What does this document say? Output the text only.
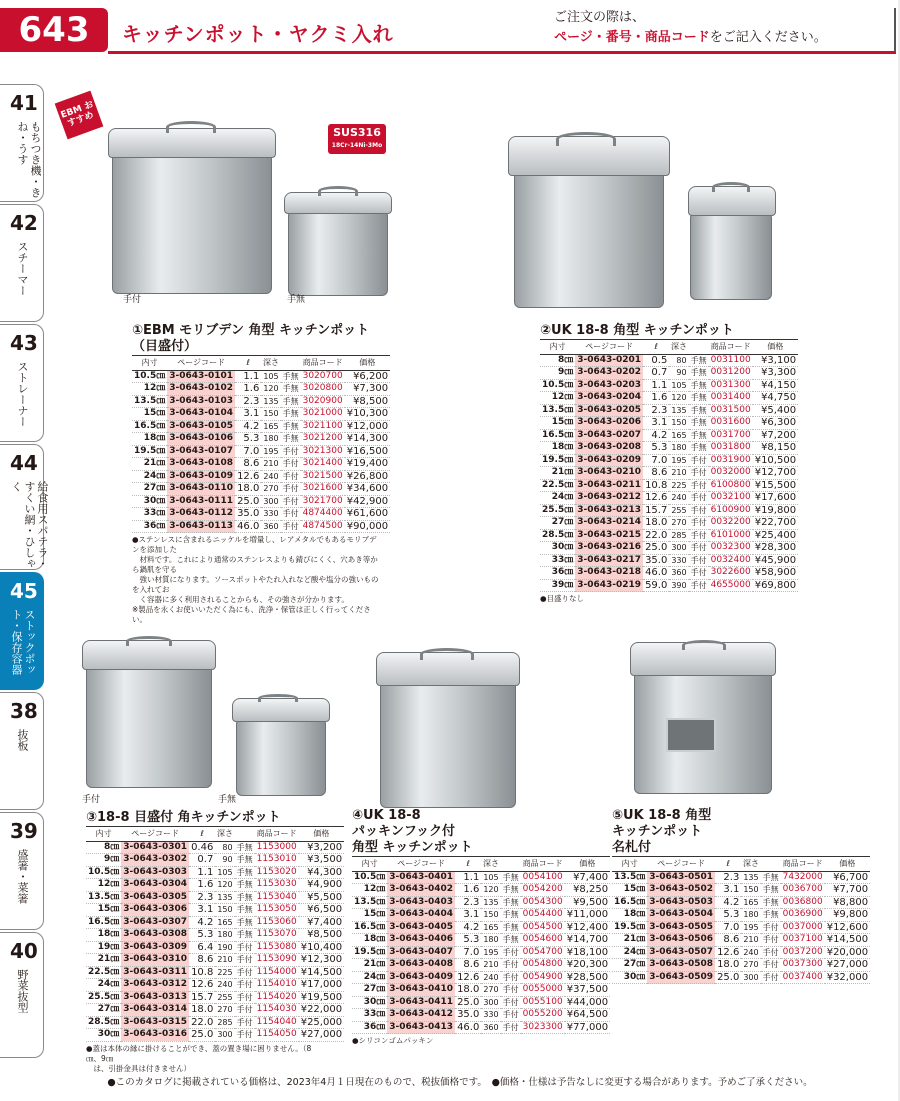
643	キッチンポット・ヤクミ入れ
ご注文の際は、
ページ・番号・商品コードをご記入ください。
41
もちつき機・きね・うす
42
スチーマー
43
ストレーナー
44
給食用スパテラ・すくい網・ひしゃく
45
ストックポット・保存容器
38
抜板
39
盛箸・菜箸
40
野菜抜型
EBM おすすめ
SUS316
18Cr-14Ni-3Mo
手付	手無
手付	手無
①EBM モリブデン 角型 キッチンポット
（目盛付）
内寸	ページコード	ℓ	深さ		商品コード	価格
10.5㎝	3-0643-0101	1.1	105	手無	3020700	¥6,200
12㎝	3-0643-0102	1.6	120	手無	3020800	¥7,300
13.5㎝	3-0643-0103	2.3	135	手無	3020900	¥8,500
15㎝	3-0643-0104	3.1	150	手無	3021000	¥10,300
16.5㎝	3-0643-0105	4.2	165	手無	3021100	¥12,000
18㎝	3-0643-0106	5.3	180	手無	3021200	¥14,300
19.5㎝	3-0643-0107	7.0	195	手付	3021300	¥16,500
21㎝	3-0643-0108	8.6	210	手付	3021400	¥19,400
24㎝	3-0643-0109	12.6	240	手付	3021500	¥26,800
27㎝	3-0643-0110	18.0	270	手付	3021600	¥34,600
30㎝	3-0643-0111	25.0	300	手付	3021700	¥42,900
33㎝	3-0643-0112	35.0	330	手付	4874400	¥61,600
36㎝	3-0643-0113	46.0	360	手付	4874500	¥90,000
●ステンレスに含まれるニッケルを増量し、レアメタルでもあるモリブデンを添加した
　材料です。これにより通常のステンレスよりも錆びにくく、穴あき等から鍋肌を守る
　強い材質になります。ソースポットやたれ入れなど酸や塩分の強いものを入れてお
　く容器に多く利用されることからも、その強さが分かります。
※製品を永くお使いいただく為にも、洗浄・保管は正しく行ってください。
②UK 18-8 角型 キッチンポット
内寸	ページコード	ℓ	深さ		商品コード	価格
8㎝	3-0643-0201	0.5	80	手無	0031100	¥3,100
9㎝	3-0643-0202	0.7	90	手無	0031200	¥3,300
10.5㎝	3-0643-0203	1.1	105	手無	0031300	¥4,150
12㎝	3-0643-0204	1.6	120	手無	0031400	¥4,750
13.5㎝	3-0643-0205	2.3	135	手無	0031500	¥5,400
15㎝	3-0643-0206	3.1	150	手無	0031600	¥6,300
16.5㎝	3-0643-0207	4.2	165	手無	0031700	¥7,200
18㎝	3-0643-0208	5.3	180	手無	0031800	¥8,150
19.5㎝	3-0643-0209	7.0	195	手付	0031900	¥10,500
21㎝	3-0643-0210	8.6	210	手付	0032000	¥12,700
22.5㎝	3-0643-0211	10.8	225	手付	6100800	¥15,500
24㎝	3-0643-0212	12.6	240	手付	0032100	¥17,600
25.5㎝	3-0643-0213	15.7	255	手付	6100900	¥19,800
27㎝	3-0643-0214	18.0	270	手付	0032200	¥22,700
28.5㎝	3-0643-0215	22.0	285	手付	6101000	¥25,400
30㎝	3-0643-0216	25.0	300	手付	0032300	¥28,300
33㎝	3-0643-0217	35.0	330	手付	0032400	¥45,900
36㎝	3-0643-0218	46.0	360	手付	3022600	¥58,900
39㎝	3-0643-0219	59.0	390	手付	4655000	¥69,800
●目盛りなし
③18-8 目盛付 角キッチンポット
内寸	ページコード	ℓ	深さ		商品コード	価格
8㎝	3-0643-0301	0.46	80	手無	1153000	¥3,200
9㎝	3-0643-0302	0.7	90	手無	1153010	¥3,500
10.5㎝	3-0643-0303	1.1	105	手無	1153020	¥4,300
12㎝	3-0643-0304	1.6	120	手無	1153030	¥4,900
13.5㎝	3-0643-0305	2.3	135	手無	1153040	¥5,500
15㎝	3-0643-0306	3.1	150	手無	1153050	¥6,500
16.5㎝	3-0643-0307	4.2	165	手無	1153060	¥7,400
18㎝	3-0643-0308	5.3	180	手無	1153070	¥8,500
19㎝	3-0643-0309	6.4	190	手付	1153080	¥10,400
21㎝	3-0643-0310	8.6	210	手付	1153090	¥12,300
22.5㎝	3-0643-0311	10.8	225	手付	1154000	¥14,500
24㎝	3-0643-0312	12.6	240	手付	1154010	¥17,000
25.5㎝	3-0643-0313	15.7	255	手付	1154020	¥19,500
27㎝	3-0643-0314	18.0	270	手付	1154030	¥22,000
28.5㎝	3-0643-0315	22.0	285	手付	1154040	¥25,000
30㎝	3-0643-0316	25.0	300	手付	1154050	¥27,000
●蓋は本体の縁に掛けることができ、蓋の置き場に困りません。（8㎝、9㎝
　は、引掛金具は付きません）
④UK 18-8
パッキンフック付
角型 キッチンポット
内寸	ページコード	ℓ	深さ		商品コード	価格
10.5㎝	3-0643-0401	1.1	105	手無	0054100	¥7,400
12㎝	3-0643-0402	1.6	120	手無	0054200	¥8,250
13.5㎝	3-0643-0403	2.3	135	手無	0054300	¥9,500
15㎝	3-0643-0404	3.1	150	手無	0054400	¥11,000
16.5㎝	3-0643-0405	4.2	165	手無	0054500	¥12,400
18㎝	3-0643-0406	5.3	180	手無	0054600	¥14,700
19.5㎝	3-0643-0407	7.0	195	手付	0054700	¥18,100
21㎝	3-0643-0408	8.6	210	手付	0054800	¥20,300
24㎝	3-0643-0409	12.6	240	手付	0054900	¥28,500
27㎝	3-0643-0410	18.0	270	手付	0055000	¥37,500
30㎝	3-0643-0411	25.0	300	手付	0055100	¥44,000
33㎝	3-0643-0412	35.0	330	手付	0055200	¥64,500
36㎝	3-0643-0413	46.0	360	手付	3023300	¥77,000
●シリコンゴムパッキン
⑤UK 18-8 角型
キッチンポット
名札付
内寸	ページコード	ℓ	深さ		商品コード	価格
13.5㎝	3-0643-0501	2.3	135	手無	7432000	¥6,700
15㎝	3-0643-0502	3.1	150	手無	0036700	¥7,700
16.5㎝	3-0643-0503	4.2	165	手無	0036800	¥8,800
18㎝	3-0643-0504	5.3	180	手無	0036900	¥9,800
19.5㎝	3-0643-0505	7.0	195	手付	0037000	¥12,600
21㎝	3-0643-0506	8.6	210	手付	0037100	¥14,500
24㎝	3-0643-0507	12.6	240	手付	0037200	¥20,000
27㎝	3-0643-0508	18.0	270	手付	0037300	¥27,000
30㎝	3-0643-0509	25.0	300	手付	0037400	¥32,000
●このカタログに掲載されている価格は、2023年4月１日現在のもので、税抜価格です。　●価格・仕様は予告なしに変更する場合があります。予めご了承ください。
